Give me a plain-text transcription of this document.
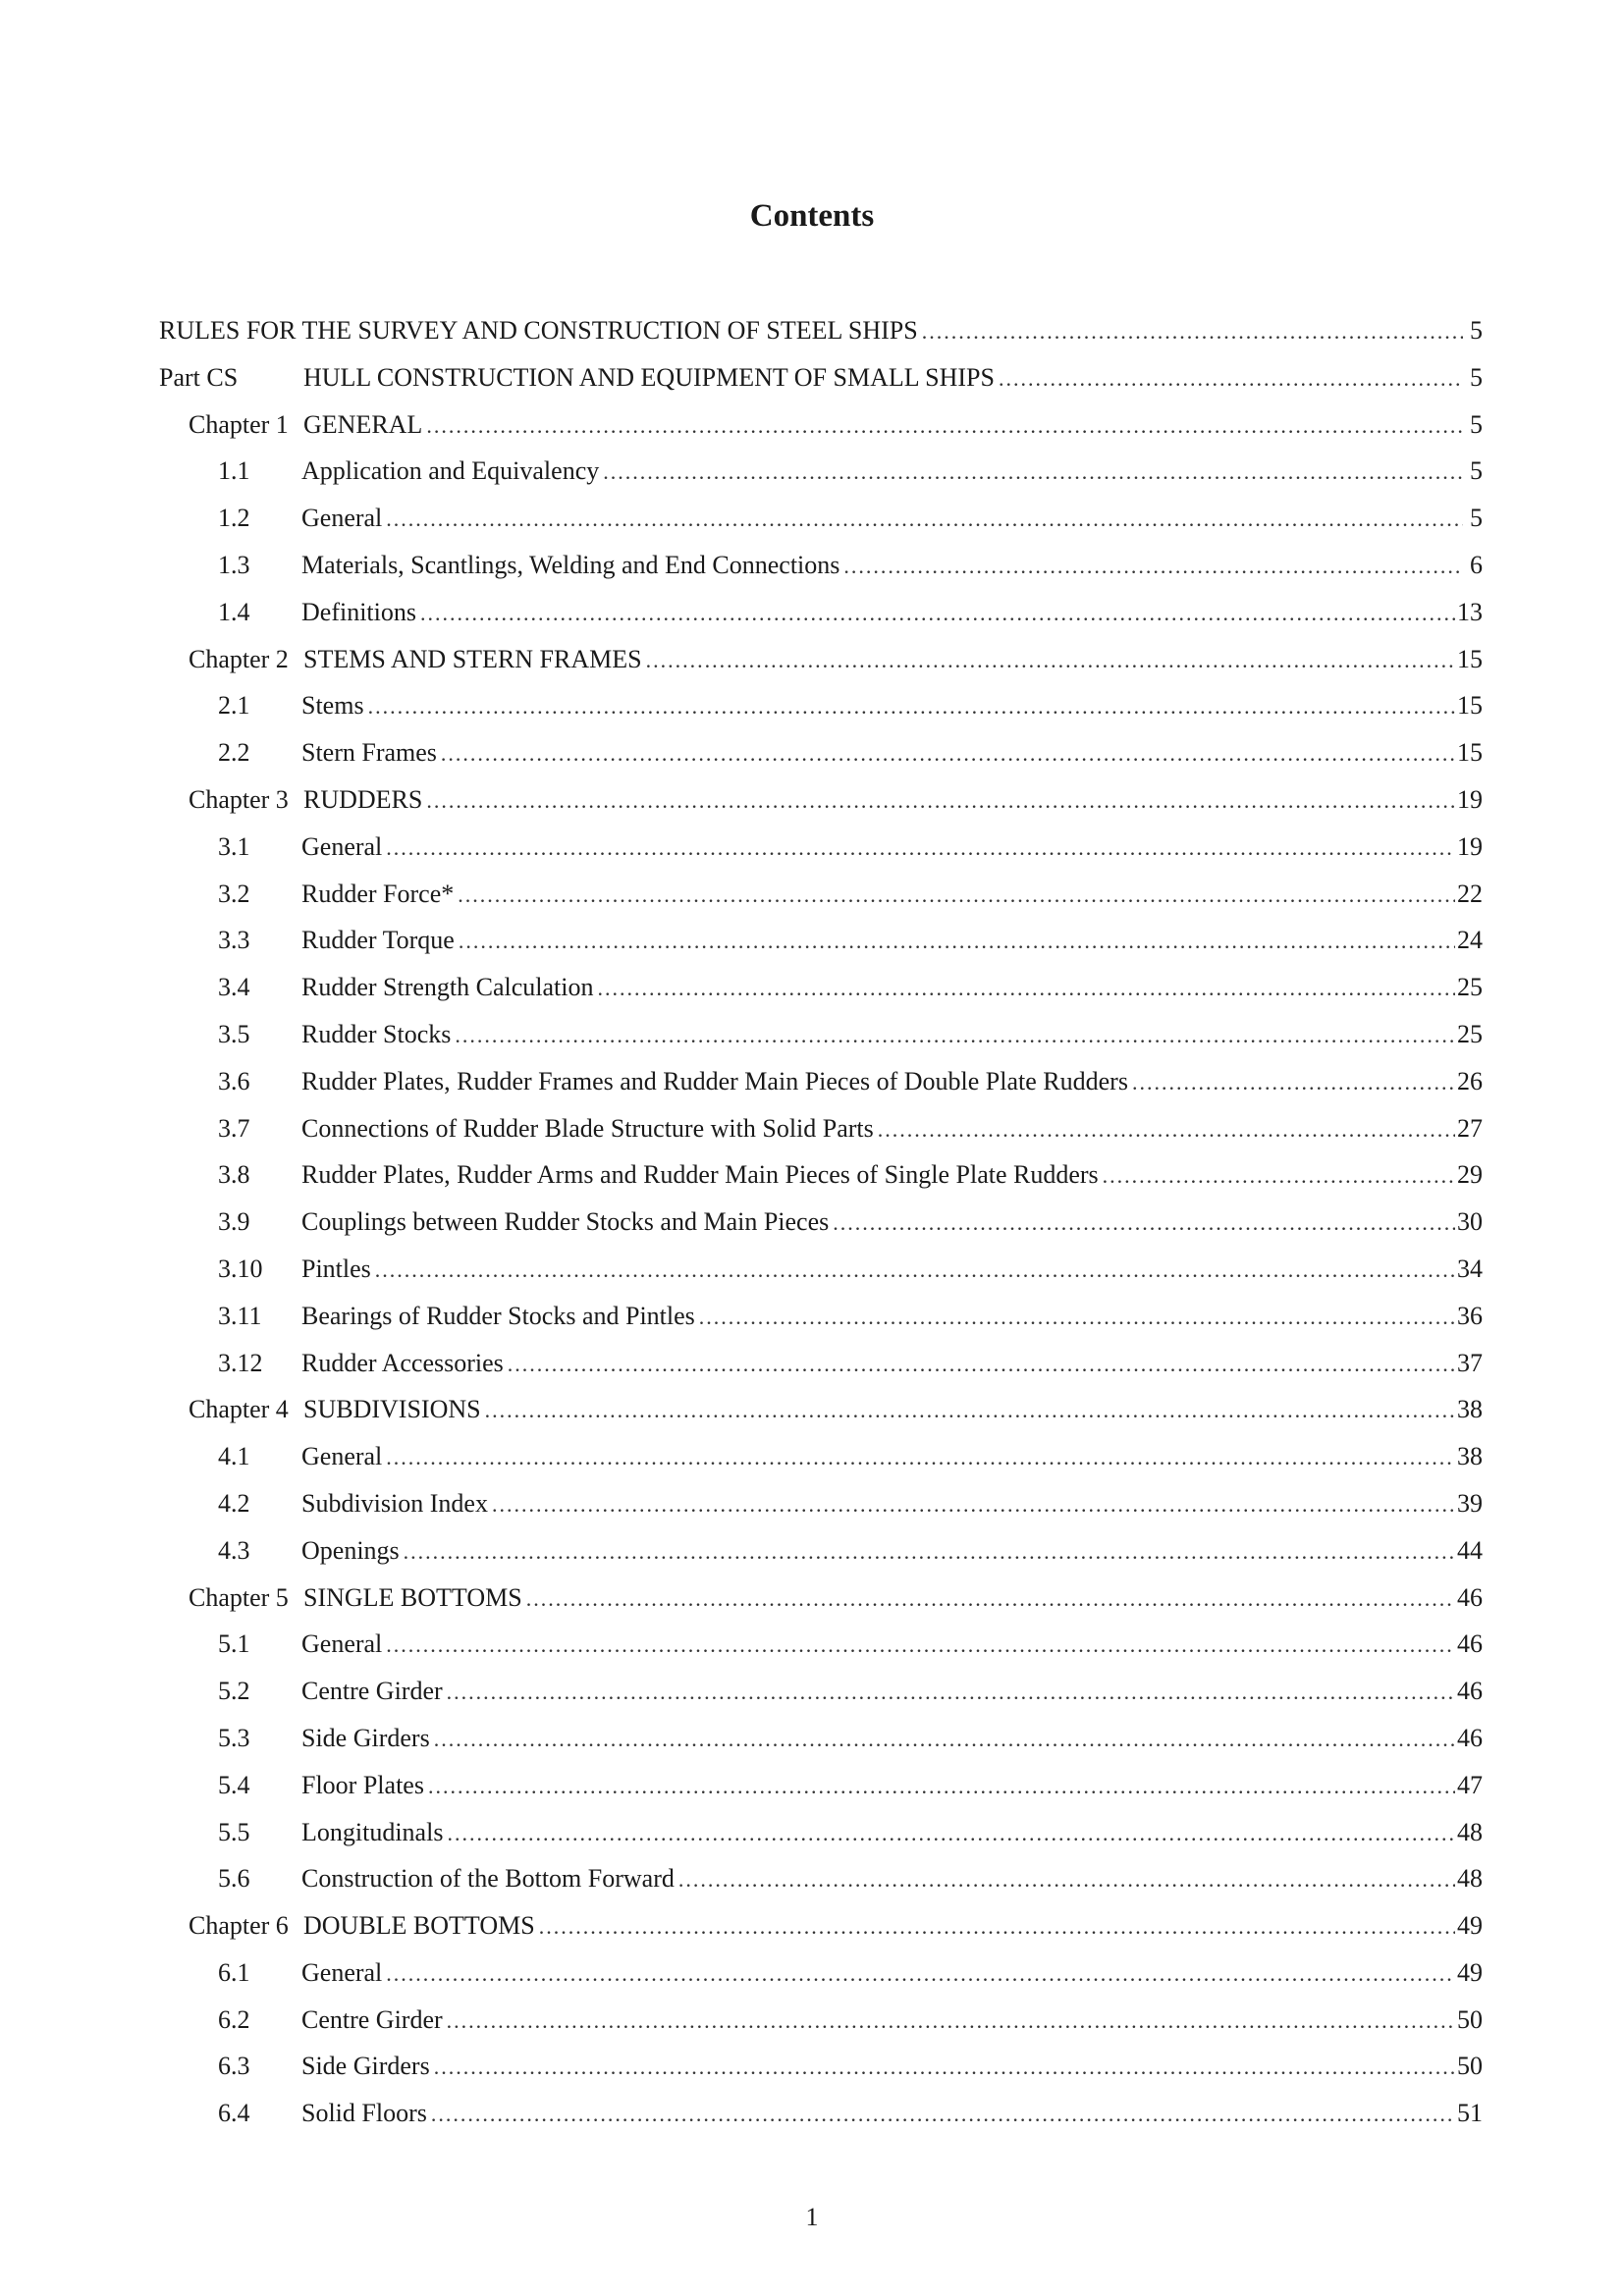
Contents
RULES FOR THE SURVEY AND CONSTRUCTION OF STEEL SHIPS .....	5
Part CS	HULL CONSTRUCTION AND EQUIPMENT OF SMALL SHIPS .....	5
Chapter 1 GENERAL .....	5
1.1	Application and Equivalency .....	5
1.2	General .....	5
1.3	Materials, Scantlings, Welding and End Connections .....	6
1.4	Definitions .....	13
Chapter 2 STEMS AND STERN FRAMES .....	15
2.1	Stems .....	15
2.2	Stern Frames .....	15
Chapter 3 RUDDERS .....	19
3.1	General .....	19
3.2	Rudder Force* .....	22
3.3	Rudder Torque .....	24
3.4	Rudder Strength Calculation .....	25
3.5	Rudder Stocks .....	25
3.6	Rudder Plates, Rudder Frames and Rudder Main Pieces of Double Plate Rudders .....	26
3.7	Connections of Rudder Blade Structure with Solid Parts .....	27
3.8	Rudder Plates, Rudder Arms and Rudder Main Pieces of Single Plate Rudders .....	29
3.9	Couplings between Rudder Stocks and Main Pieces .....	30
3.10	Pintles .....	34
3.11	Bearings of Rudder Stocks and Pintles .....	36
3.12	Rudder Accessories .....	37
Chapter 4 SUBDIVISIONS .....	38
4.1	General .....	38
4.2	Subdivision Index .....	39
4.3	Openings .....	44
Chapter 5 SINGLE BOTTOMS .....	46
5.1	General .....	46
5.2	Centre Girder .....	46
5.3	Side Girders .....	46
5.4	Floor Plates .....	47
5.5	Longitudinals .....	48
5.6	Construction of the Bottom Forward .....	48
Chapter 6 DOUBLE BOTTOMS .....	49
6.1	General .....	49
6.2	Centre Girder .....	50
6.3	Side Girders .....	50
6.4	Solid Floors .....	51
1
